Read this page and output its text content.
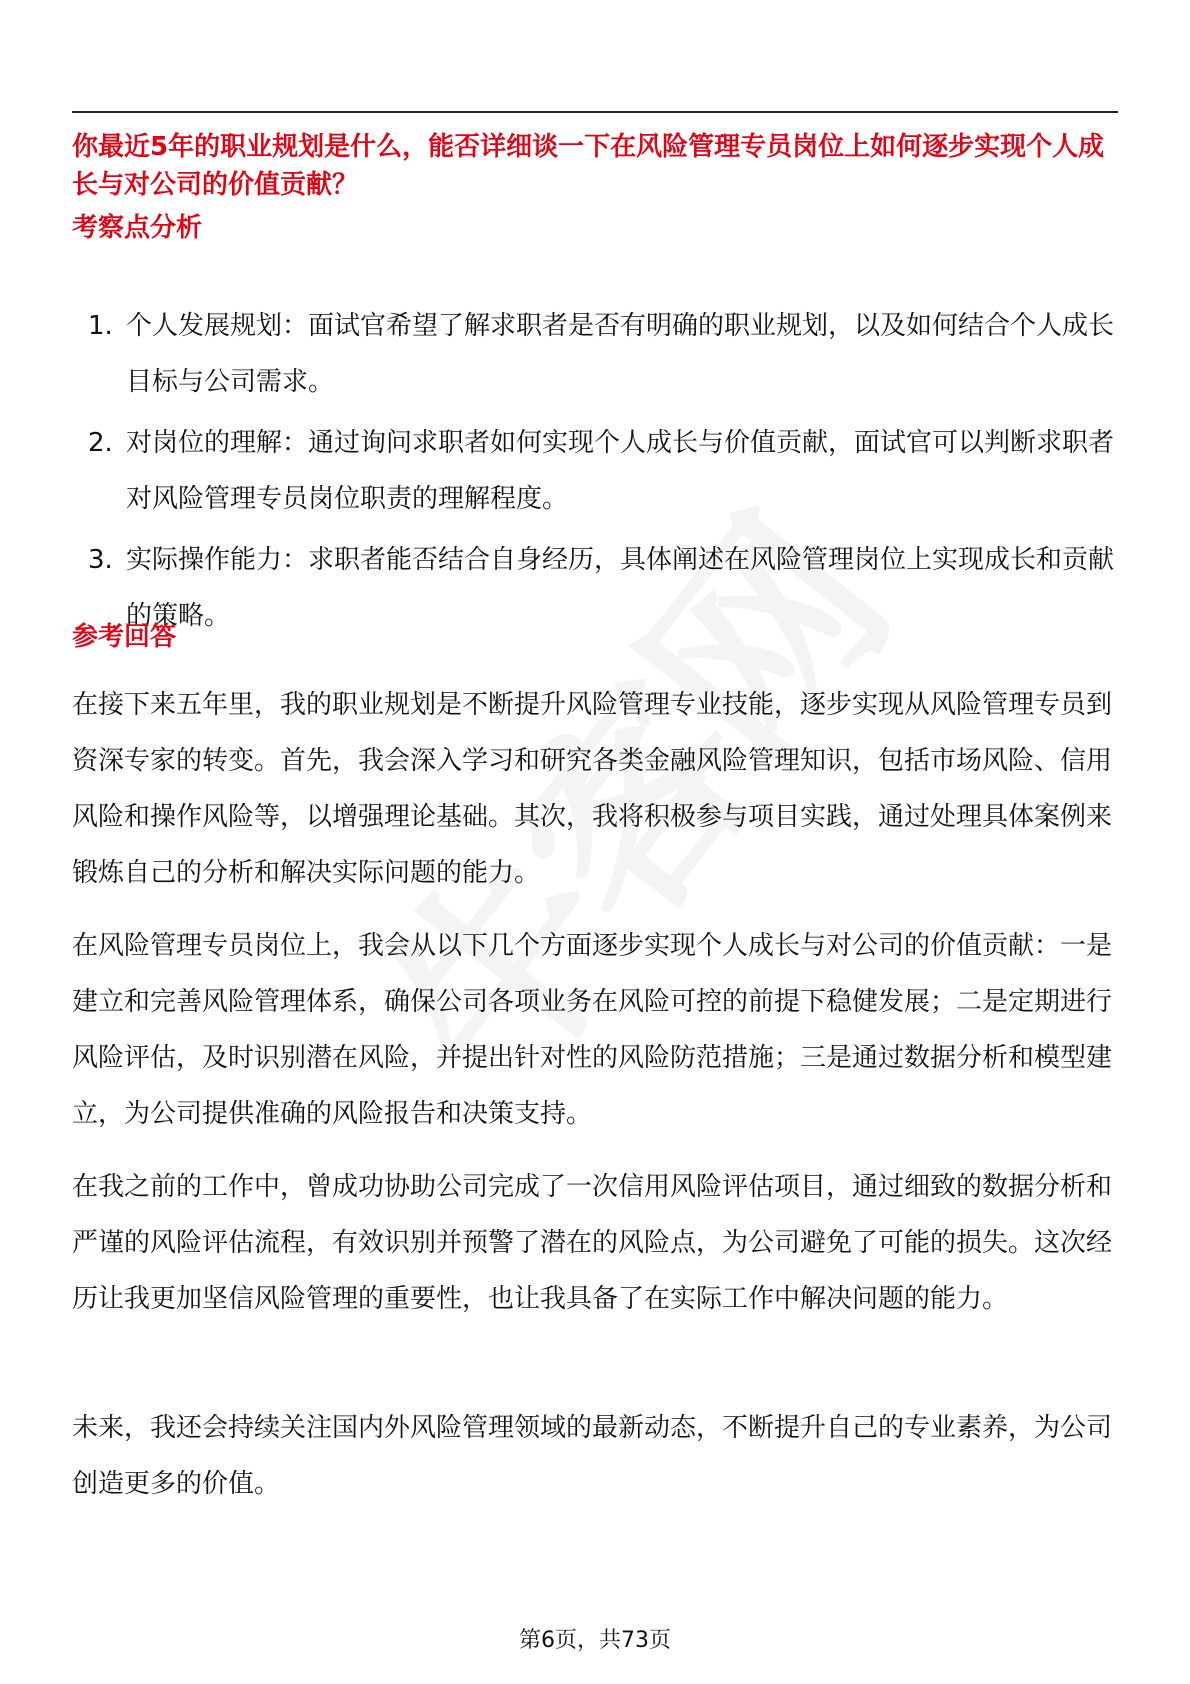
你最近5年的职业规划是什么，能否详细谈一下在风险管理专员岗位上如何逐步实现个人成长与对公司的价值贡献？
考察点分析
1. 个人发展规划：面试官希望了解求职者是否有明确的职业规划，以及如何结合个人成长目标与公司需求。
2. 对岗位的理解：通过询问求职者如何实现个人成长与价值贡献，面试官可以判断求职者对风险管理专员岗位职责的理解程度。
3. 实际操作能力：求职者能否结合自身经历，具体阐述在风险管理岗位上实现成长和贡献的策略。
参考回答

在接下来五年里，我的职业规划是不断提升风险管理专业技能，逐步实现从风险管理专员到资深专家的转变。首先，我会深入学习和研究各类金融风险管理知识，包括市场风险、信用风险和操作风险等，以增强理论基础。其次，我将积极参与项目实践，通过处理具体案例来锻炼自己的分析和解决实际问题的能力。

在风险管理专员岗位上，我会从以下几个方面逐步实现个人成长与对公司的价值贡献：一是建立和完善风险管理体系，确保公司各项业务在风险可控的前提下稳健发展；二是定期进行风险评估，及时识别潜在风险，并提出针对性的风险防范措施；三是通过数据分析和模型建立，为公司提供准确的风险报告和决策支持。

在我之前的工作中，曾成功协助公司完成了一次信用风险评估项目，通过细致的数据分析和严谨的风险评估流程，有效识别并预警了潜在的风险点，为公司避免了可能的损失。这次经历让我更加坚信风险管理的重要性，也让我具备了在实际工作中解决问题的能力。

未来，我还会持续关注国内外风险管理领域的最新动态，不断提升自己的专业素养，为公司创造更多的价值。

第6页，共73页
